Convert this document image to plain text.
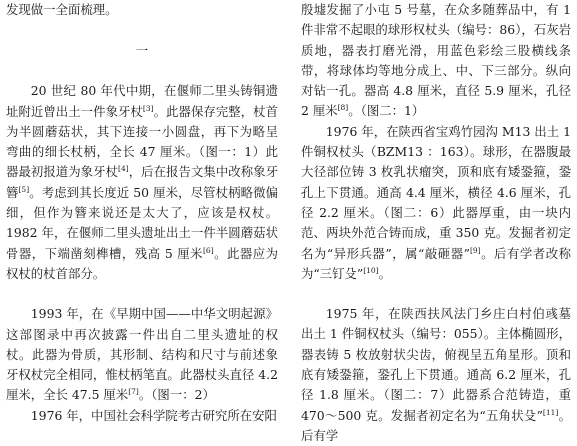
发现做一全面梳理。

一

20 世纪 80 年代中期，在偃师二里头铸铜遗址附近曾出土一件象牙杖[3]。此器保存完整，杖首为半圆蘑菇状，其下连接一小圆盘，再下为略呈弯曲的细长杖柄，全长 47 厘米。（图一：1）此器最初报道为象牙杖[4]，后在报告文集中改称象牙簪[5]。考虑到其长度近 50 厘米，尽管杖柄略微偏细，但作为簪来说还是太大了，应该是权杖。1982 年，在偃师二里头遗址出土一件半圆蘑菇状骨器，下端凿刻榫槽，残高 5 厘米[6]。此器应为权杖的杖首部分。

1993 年，在《早期中国——中华文明起源》这部图录中再次披露一件出自二里头遗址的权杖。此器为骨质，其形制、结构和尺寸与前述象牙权杖完全相同，惟杖柄笔直。此器杖头直径 4.2 厘米，全长 47.5 厘米[7]。（图一：2）

1976 年，中国社会科学院考古研究所在安阳

殷墟发掘了小屯 5 号墓，在众多随葬品中，有 1 件非常不起眼的球形权杖头（编号：86），石灰岩质地，器表打磨光滑，用蓝色彩绘三股横线条带，将球体均等地分成上、中、下三部分。纵向对钻一孔。器高 4.8 厘米，直径 5.9 厘米，孔径 2 厘米[8]。（图二：1）

1976 年，在陕西省宝鸡竹园沟 M13 出土 1 件铜权杖头（BZM13 ：163）。球形，在器腹最大径部位铸 3 枚乳状瘤突，顶和底有矮銎箍，銎孔上下贯通。通高 4.4 厘米，横径 4.6 厘米，孔径 2.2 厘米。（图二：6）此器厚重，由一块内范、两块外范合铸而成，重 350 克。发掘者初定名为“异形兵器”，属“敲砸器”[9]。后有学者改称为“三钉殳”[10]。

1975 年，在陕西扶风法门乡庄白村伯彧墓出土 1 件铜权杖头（编号：055）。主体椭圆形，器表铸 5 枚放射状尖齿，俯视呈五角星形。顶和底有矮銎箍，銎孔上下贯通。通高 6.2 厘米，孔径 1.8 厘米。（图二：7）此器系合范铸造，重 470～500 克。发掘者初定名为“五角状殳”[11]。后有学
